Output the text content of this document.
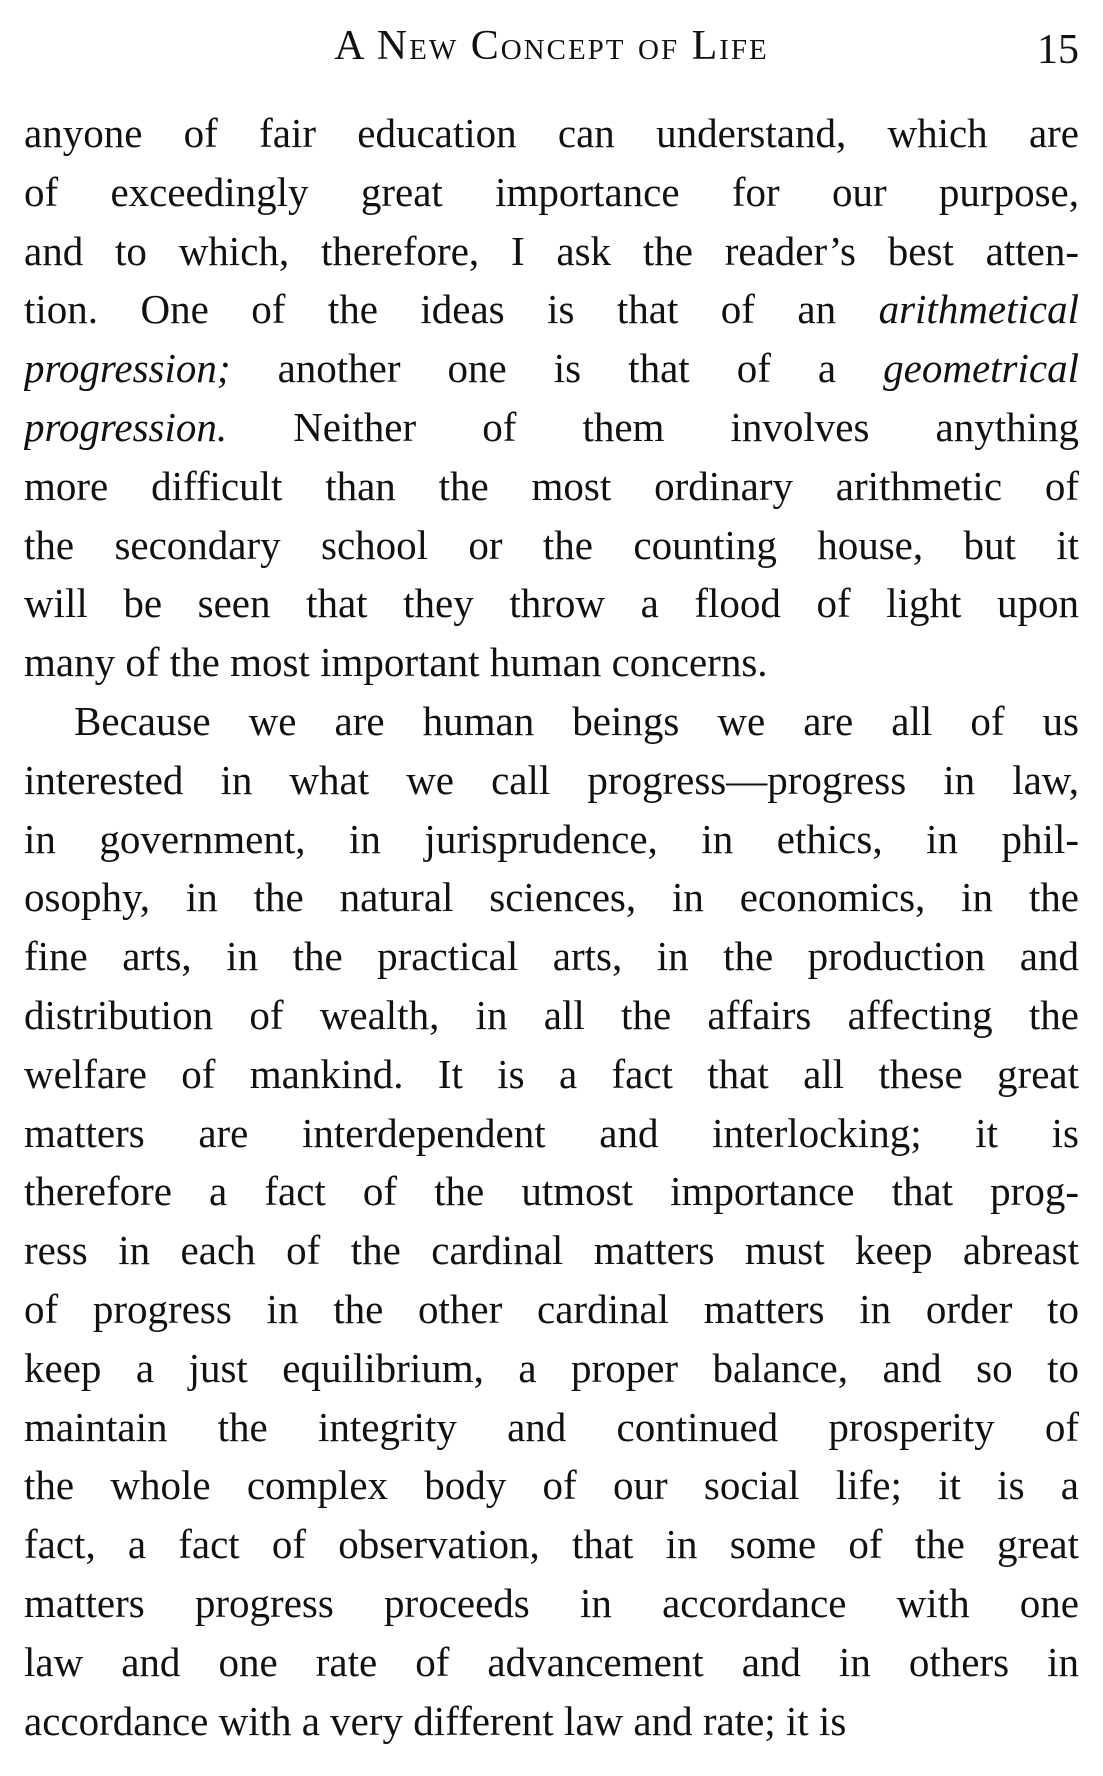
A New Concept of Life	15
anyone of fair education can understand, which are
of exceedingly great importance for our purpose,
and to which, therefore, I ask the reader’s best atten-
tion. One of the ideas is that of an arithmetical
progression; another one is that of a geometrical
progression. Neither of them involves anything
more difficult than the most ordinary arithmetic of
the secondary school or the counting house, but it
will be seen that they throw a flood of light upon
many of the most important human concerns.
Because we are human beings we are all of us
interested in what we call progress—progress in law,
in government, in jurisprudence, in ethics, in phil-
osophy, in the natural sciences, in economics, in the
fine arts, in the practical arts, in the production and
distribution of wealth, in all the affairs affecting the
welfare of mankind. It is a fact that all these great
matters are interdependent and interlocking; it is
therefore a fact of the utmost importance that prog-
ress in each of the cardinal matters must keep abreast
of progress in the other cardinal matters in order to
keep a just equilibrium, a proper balance, and so to
maintain the integrity and continued prosperity of
the whole complex body of our social life; it is a
fact, a fact of observation, that in some of the great
matters progress proceeds in accordance with one
law and one rate of advancement and in others in
accordance with a very different law and rate; it is
